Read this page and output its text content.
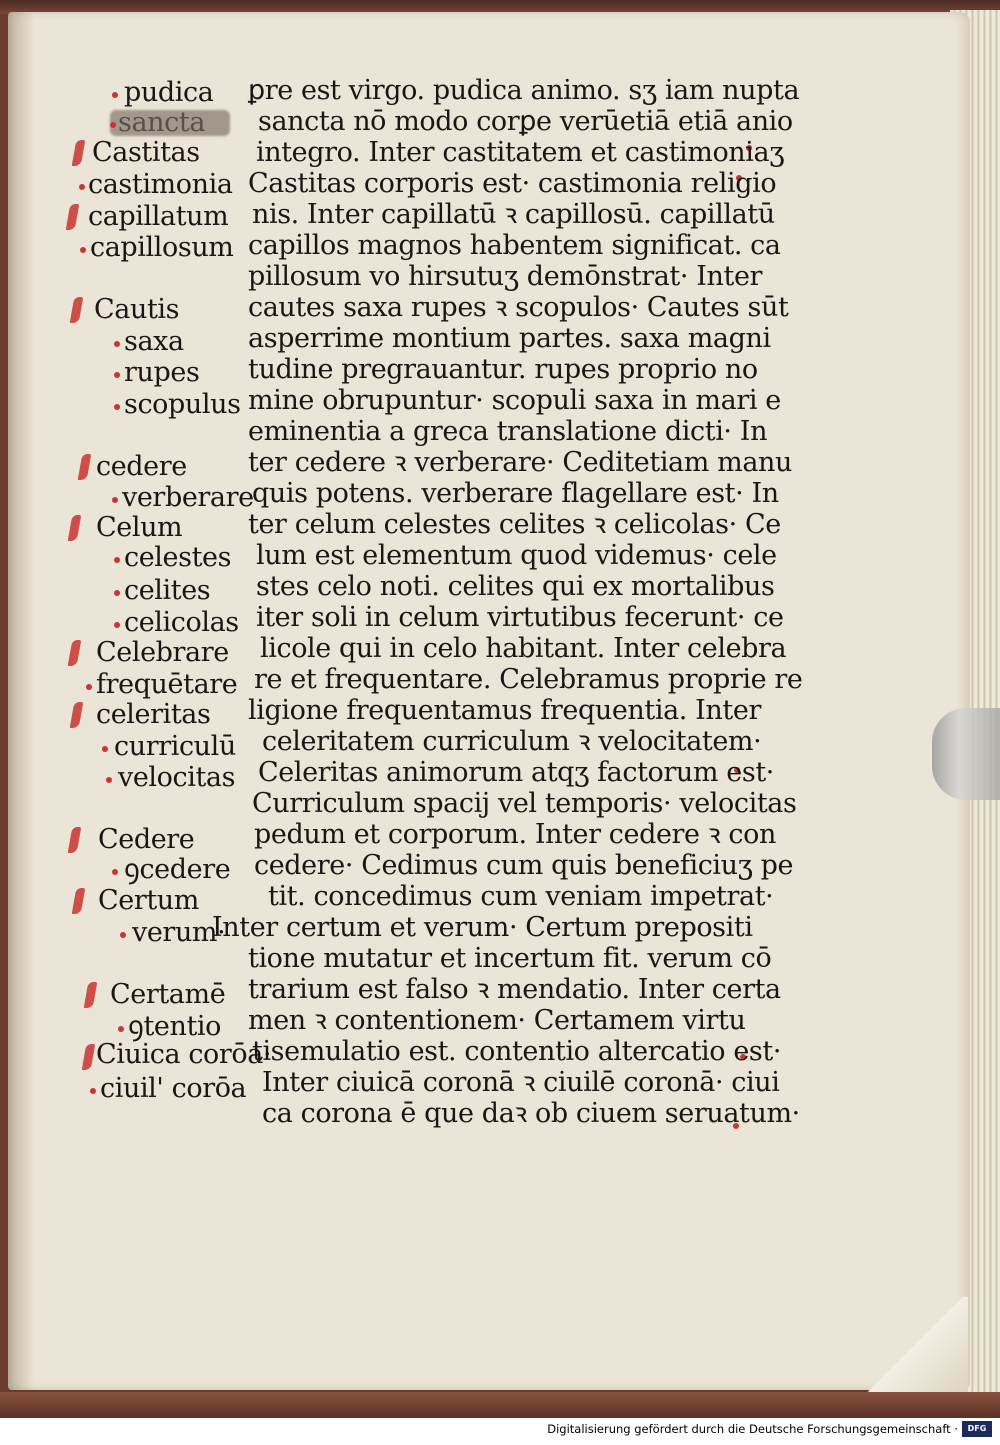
pudica
sancta
Castitas
castimonia
capillatum
capillosum
Cautis
saxa
rupes
scopulus
cedere
verberare
Celum
celestes
celites
celicolas
Celebrare
frequētare
celeritas
curriculū
velocitas
Cedere
ꝯcedere
Certum
verum·
Certamē
ꝯtentio
Ciuica corōa·
ciuil' corōa
ꝑre est virgo. pudica animo. sʒ iam nupta
sancta nō modo corꝑe verūetiā etiā anio
integro. Inter castitatem et castimoniaʒ
Castitas corporis est· castimonia religio
nis. Inter capillatū ꝛ capillosū. capillatū
capillos magnos habentem significat. ca
pillosum vo hirsutuʒ demōnstrat· Inter
cautes saxa rupes ꝛ scopulos· Cautes sūt
asperrime montium partes. saxa magni
tudine pregrauantur. rupes proprio no
mine obrupuntur· scopuli saxa in mari e
eminentia a greca translatione dicti· In
ter cedere ꝛ verberare· Ceditetiam manu
quis potens. verberare flagellare est· In
ter celum celestes celites ꝛ celicolas· Ce
lum est elementum quod videmus· cele
stes celo noti. celites qui ex mortalibus
iter soli in celum virtutibus fecerunt· ce
licole qui in celo habitant. Inter celebra
re et frequentare. Celebramus proprie re
ligione frequentamus frequentia. Inter
celeritatem curriculum ꝛ velocitatem·
Celeritas animorum atqʒ factorum est·
Curriculum spacij vel temporis· velocitas
pedum et corporum. Inter cedere ꝛ con
cedere· Cedimus cum quis beneficiuʒ pe
tit. concedimus cum veniam impetrat·
Inter certum et verum· Certum prepositi
tione mutatur et incertum fit. verum cō
trarium est falso ꝛ mendatio. Inter certa
men ꝛ contentionem· Certamem virtu
tisemulatio est. contentio altercatio est·
Inter ciuicā coronā ꝛ ciuilē coronā· ciui
ca corona ē que daꝛ ob ciuem seruatum·
Digitalisierung gefördert durch die Deutsche Forschungsgemeinschaft ·	DFG
